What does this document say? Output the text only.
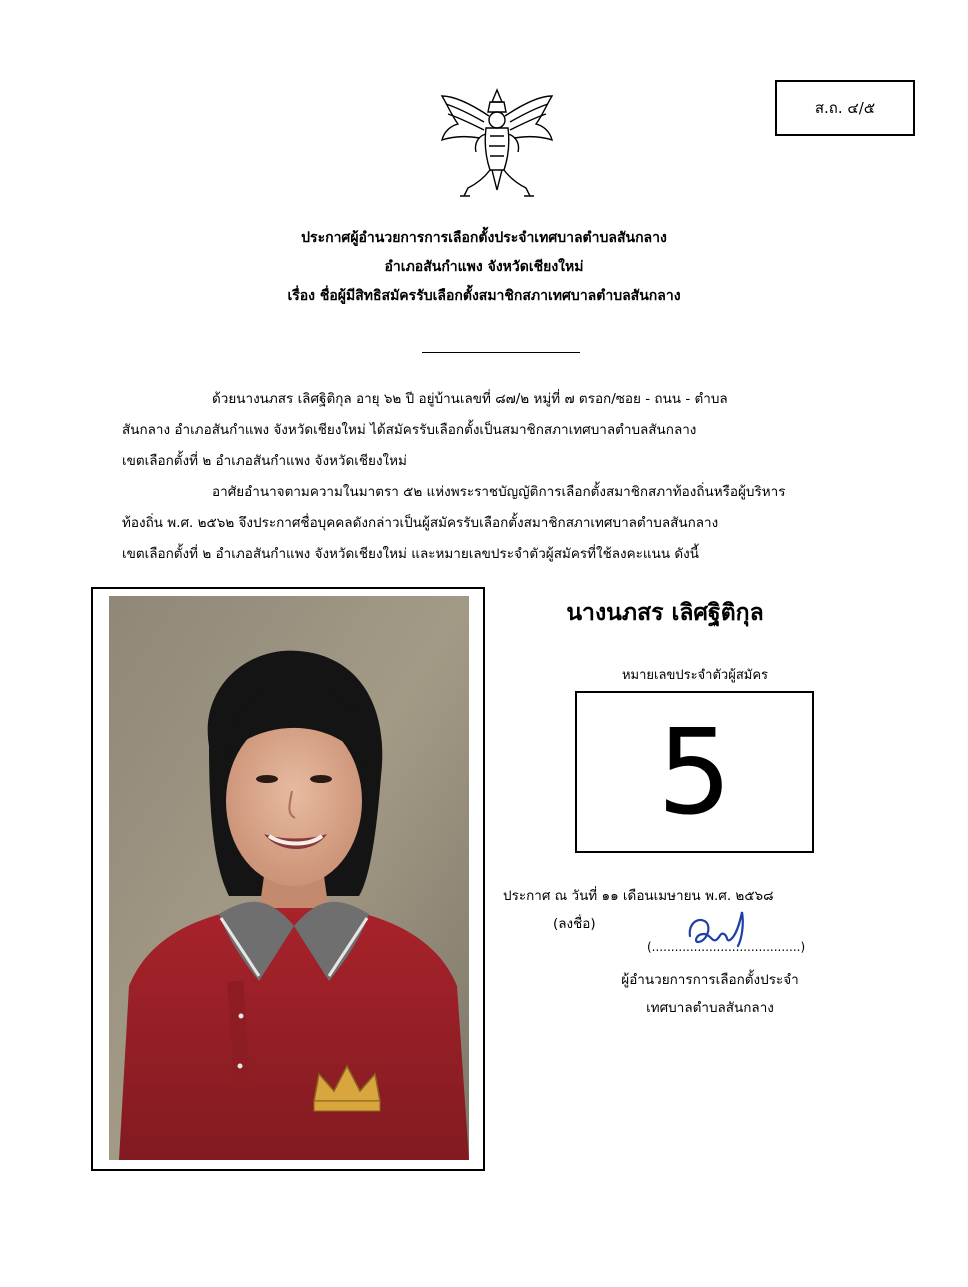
ส.ถ. ๔/๕
ประกาศผู้อำนวยการการเลือกตั้งประจำเทศบาลตำบลสันกลาง
อำเภอสันกำแพง จังหวัดเชียงใหม่
เรื่อง ชื่อผู้มีสิทธิสมัครรับเลือกตั้งสมาชิกสภาเทศบาลตำบลสันกลาง
ด้วยนางนภสร เลิศฐิติกุล อายุ ๖๒ ปี อยู่บ้านเลขที่ ๘๗/๒ หมู่ที่ ๗ ตรอก/ซอย - ถนน - ตำบล
สันกลาง อำเภอสันกำแพง จังหวัดเชียงใหม่ ได้สมัครรับเลือกตั้งเป็นสมาชิกสภาเทศบาลตำบลสันกลาง
เขตเลือกตั้งที่ ๒ อำเภอสันกำแพง จังหวัดเชียงใหม่
อาศัยอำนาจตามความในมาตรา ๕๒ แห่งพระราชบัญญัติการเลือกตั้งสมาชิกสภาท้องถิ่นหรือผู้บริหาร
ท้องถิ่น พ.ศ. ๒๕๖๒ จึงประกาศชื่อบุคคลดังกล่าวเป็นผู้สมัครรับเลือกตั้งสมาชิกสภาเทศบาลตำบลสันกลาง
เขตเลือกตั้งที่ ๒ อำเภอสันกำแพง จังหวัดเชียงใหม่ และหมายเลขประจำตัวผู้สมัครที่ใช้ลงคะแนน ดังนี้
นางนภสร เลิศฐิติกุล
หมายเลขประจำตัวผู้สมัคร
5
ประกาศ ณ วันที่ ๑๑ เดือนเมษายน พ.ศ. ๒๕๖๘
(ลงชื่อ)
(.......................................)
ผู้อำนวยการการเลือกตั้งประจำ
เทศบาลตำบลสันกลาง
